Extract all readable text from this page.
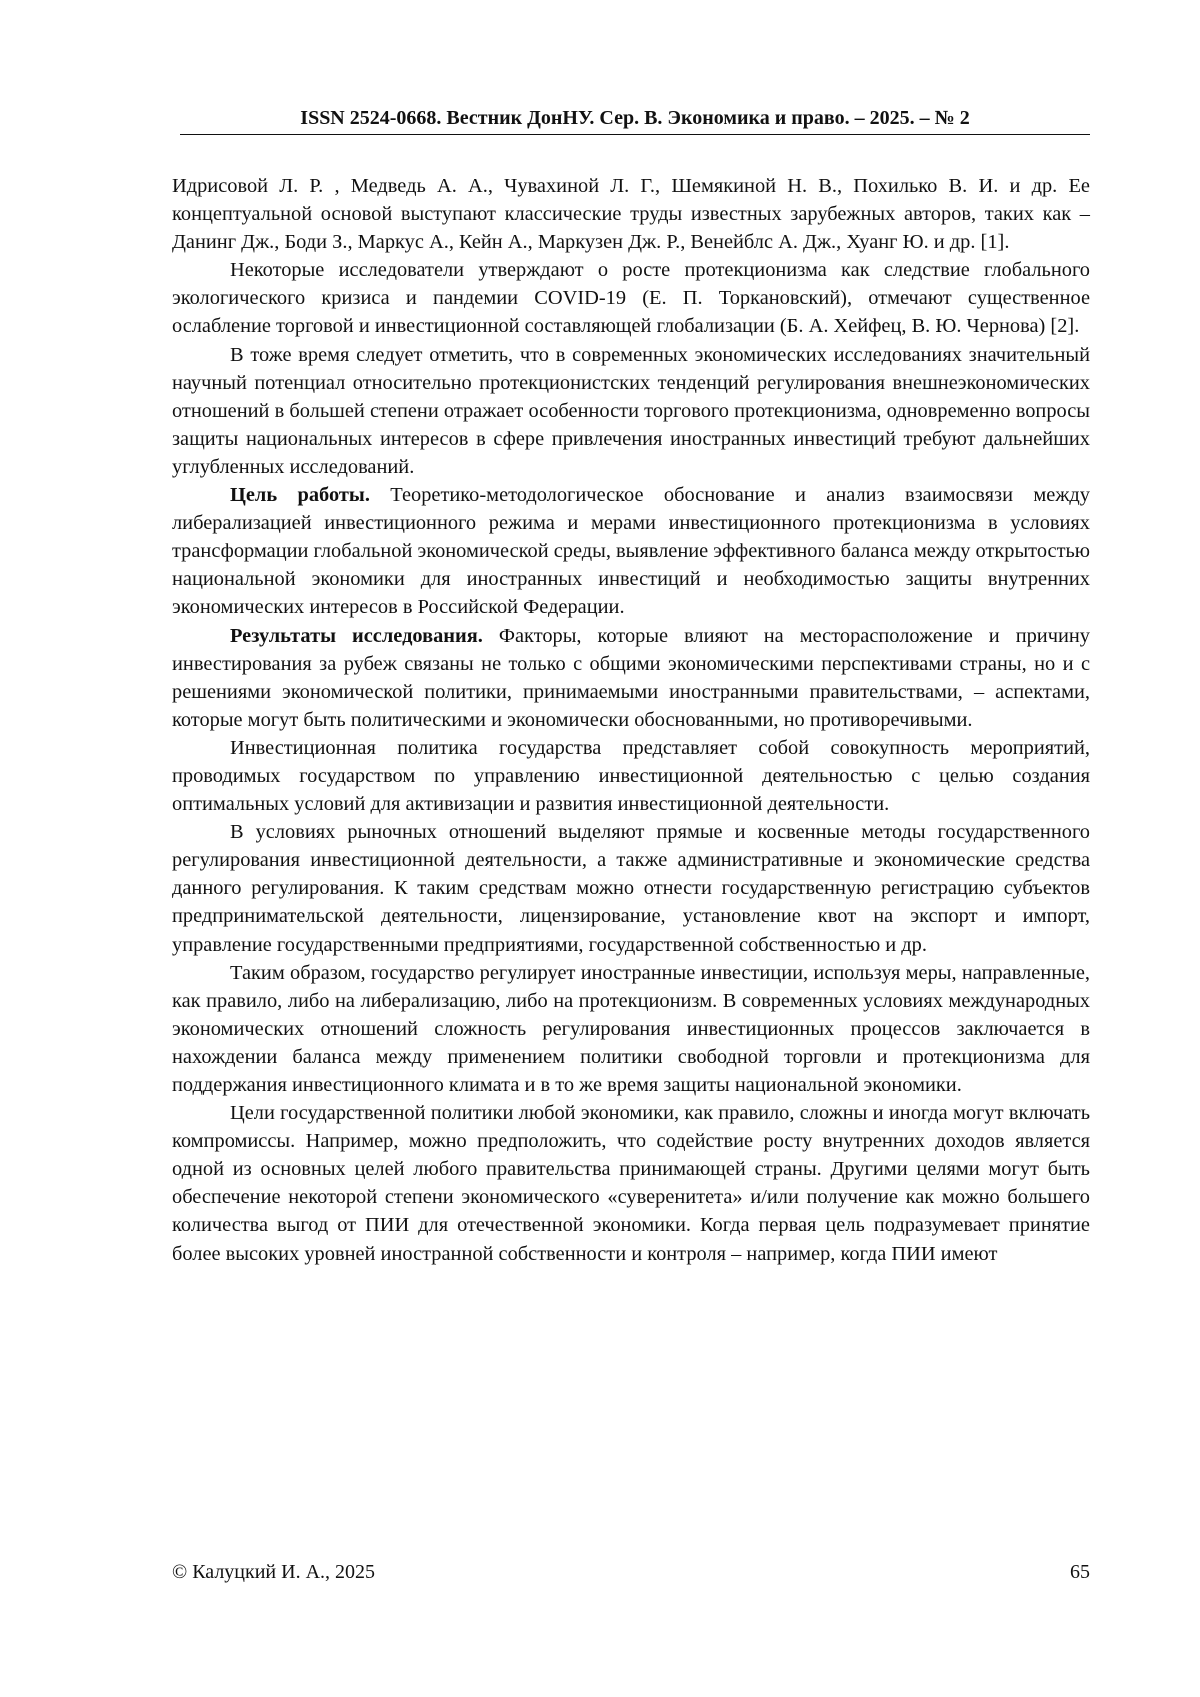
ISSN 2524-0668. Вестник ДонНУ. Сер. В. Экономика и право. – 2025. – № 2

Идрисовой Л. Р. , Медведь А. А., Чувахиной Л. Г., Шемякиной Н. В., Похилько В. И. и др. Ее концептуальной основой выступают классические труды известных зарубежных авторов, таких как – Данинг Дж., Боди З., Маркус А., Кейн А., Маркузен Дж. Р., Венейблс А. Дж., Хуанг Ю. и др. [1].

Некоторые исследователи утверждают о росте протекционизма как следствие глобального экологического кризиса и пандемии COVID-19 (Е. П. Торкановский), отмечают существенное ослабление торговой и инвестиционной составляющей глобализации (Б. А. Хейфец, В. Ю. Чернова) [2].

В тоже время следует отметить, что в современных экономических исследованиях значительный научный потенциал относительно протекционистских тенденций регулирования внешнеэкономических отношений в большей степени отражает особенности торгового протекционизма, одновременно вопросы защиты национальных интересов в сфере привлечения иностранных инвестиций требуют дальнейших углубленных исследований.

Цель работы. Теоретико-методологическое обоснование и анализ взаимосвязи между либерализацией инвестиционного режима и мерами инвестиционного протекционизма в условиях трансформации глобальной экономической среды, выявление эффективного баланса между открытостью национальной экономики для иностранных инвестиций и необходимостью защиты внутренних экономических интересов в Российской Федерации.

Результаты исследования. Факторы, которые влияют на месторасположение и причину инвестирования за рубеж связаны не только с общими экономическими перспективами страны, но и с решениями экономической политики, принимаемыми иностранными правительствами, – аспектами, которые могут быть политическими и экономически обоснованными, но противоречивыми.

Инвестиционная политика государства представляет собой совокупность мероприятий, проводимых государством по управлению инвестиционной деятельностью с целью создания оптимальных условий для активизации и развития инвестиционной деятельности.

В условиях рыночных отношений выделяют прямые и косвенные методы государственного регулирования инвестиционной деятельности, а также административные и экономические средства данного регулирования. К таким средствам можно отнести государственную регистрацию субъектов предпринимательской деятельности, лицензирование, установление квот на экспорт и импорт, управление государственными предприятиями, государственной собственностью и др.

Таким образом, государство регулирует иностранные инвестиции, используя меры, направленные, как правило, либо на либерализацию, либо на протекционизм. В современных условиях международных экономических отношений сложность регулирования инвестиционных процессов заключается в нахождении баланса между применением политики свободной торговли и протекционизма для поддержания инвестиционного климата и в то же время защиты национальной экономики.

Цели государственной политики любой экономики, как правило, сложны и иногда могут включать компромиссы. Например, можно предположить, что содействие росту внутренних доходов является одной из основных целей любого правительства принимающей страны. Другими целями могут быть обеспечение некоторой степени экономического «суверенитета» и/или получение как можно большего количества выгод от ПИИ для отечественной экономики. Когда первая цель подразумевает принятие более высоких уровней иностранной собственности и контроля – например, когда ПИИ имеют

© Калуцкий И. А., 2025	65
